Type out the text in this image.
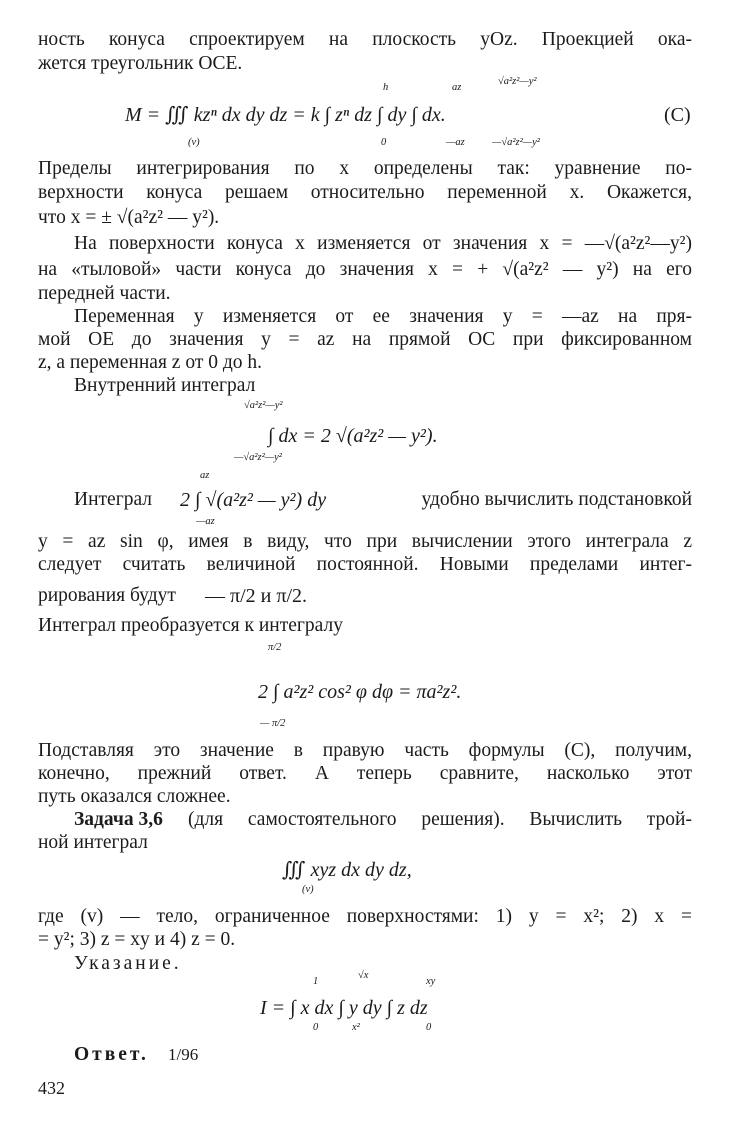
ность конуса спроектируем на плоскость yOz. Проекцией ока-
жется треугольник OCE.
M = ∭ kzⁿ dx dy dz = k ∫ zⁿ dz ∫ dy ∫ dx.
(v)
h
0
az
—az
√a²z²—y²
—√a²z²—y²
(C)
Пределы интегрирования по x определены так: уравнение по-
верхности конуса решаем относительно переменной x. Окажется,
что x = ± √(a²z² — y²).
На поверхности конуса x изменяется от значения x = —√(a²z²—y²)
на «тыловой» части конуса до значения x = + √(a²z² — y²) на его
передней части.
Переменная y изменяется от ее значения y = —az на пря-
мой OE до значения y = az на прямой OC при фиксированном
z, а переменная z от 0 до h.
Внутренний интеграл
√a²z²—y²
∫ dx = 2 √(a²z² — y²).
—√a²z²—y²
Интеграл
az
2 ∫ √(a²z² — y²) dy
—az
удобно вычислить подстановкой
y = az sin φ, имея в виду, что при вычислении этого интеграла z
следует считать величиной постоянной. Новыми пределами интег-
рирования будут — π/2 и π/2.
Интеграл преобразуется к интегралу
π/2
2 ∫ a²z² cos² φ dφ = πa²z².
— π/2
Подставляя это значение в правую часть формулы (С), получим,
конечно, прежний ответ. А теперь сравните, насколько этот
путь оказался сложнее.
Задача 3,6 (для самостоятельного решения). Вычислить трой-
ной интеграл
∭ xyz dx dy dz,
(v)
где (v) — тело, ограниченное поверхностями: 1) y = x²; 2) x =
= y²; 3) z = xy и 4) z = 0.
Указание.
1
√x
xy
I = ∫ x dx ∫ y dy ∫ z dz
0	x²	0
Ответ. 1/96
432
